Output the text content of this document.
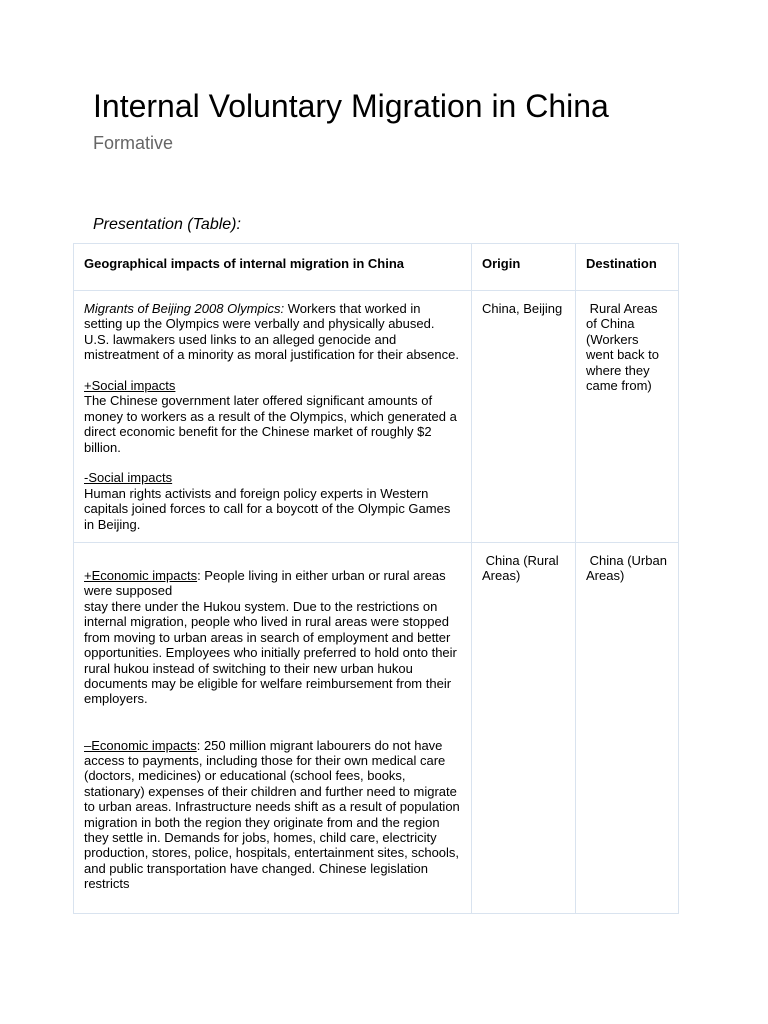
Internal Voluntary Migration in China
Formative
Presentation (Table):
Geographical impacts of internal migration in China	Origin	Destination

Migrants of Beijing 2008 Olympics: Workers that worked in setting up the Olympics were verbally and physically abused. U.S. lawmakers used links to an alleged genocide and mistreatment of a minority as moral justification for their absence.
+Social impacts
The Chinese government later offered significant amounts of money to workers as a result of the Olympics, which generated a direct economic benefit for the Chinese market of roughly $2 billion.
-Social impacts
Human rights activists and foreign policy experts in Western capitals joined forces to call for a boycott of the Olympic Games in Beijing.	China, Beijing	Rural Areas of China (Workers went back to where they came from)

+Economic impacts: People living in either urban or rural areas were supposed
stay there under the Hukou system. Due to the restrictions on internal migration, people who lived in rural areas were stopped from moving to urban areas in search of employment and better opportunities. Employees who initially preferred to hold onto their rural hukou instead of switching to their new urban hukou documents may be eligible for welfare reimbursement from their employers.
–Economic impacts: 250 million migrant labourers do not have access to payments, including those for their own medical care (doctors, medicines) or educational (school fees, books, stationary) expenses of their children and further need to migrate to urban areas. Infrastructure needs shift as a result of population migration in both the region they originate from and the region they settle in. Demands for jobs, homes, child care, electricity production, stores, police, hospitals, entertainment sites, schools, and public transportation have changed. Chinese legislation restricts	China (Rural Areas)	China (Urban Areas)
